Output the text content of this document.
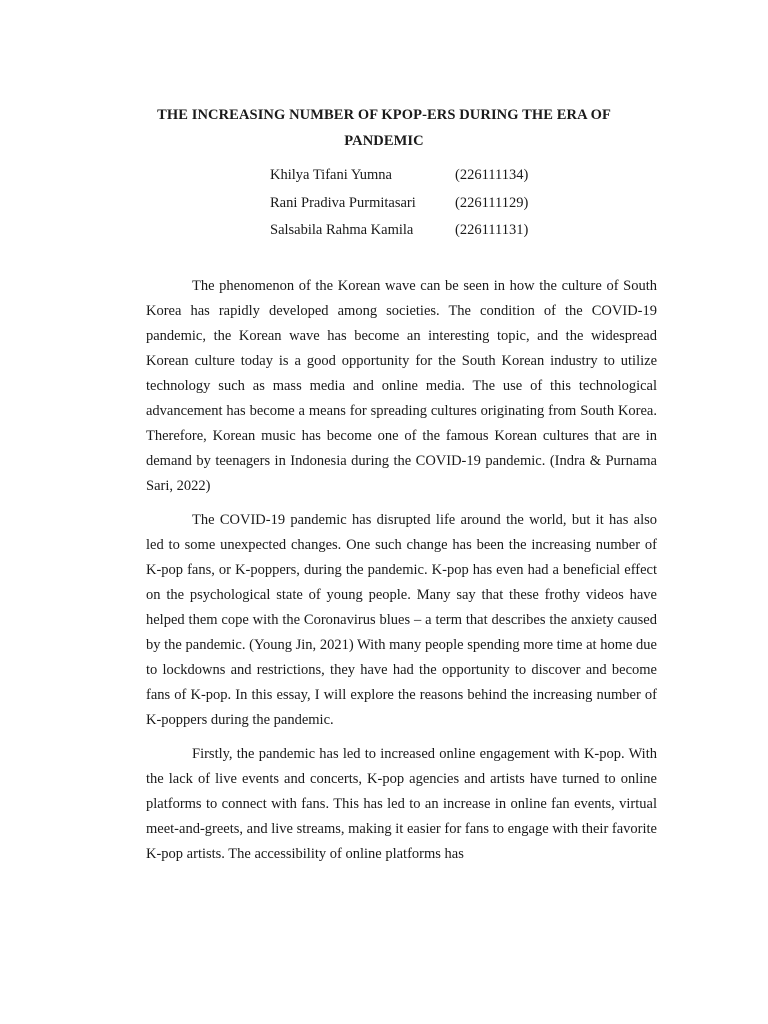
THE INCREASING NUMBER OF KPOP-ERS DURING THE ERA OF
PANDEMIC
Khilya Tifani Yumna	(226111134)
Rani Pradiva Purmitasari	(226111129)
Salsabila Rahma Kamila	(226111131)

The phenomenon of the Korean wave can be seen in how the culture of South Korea has rapidly developed among societies. The condition of the COVID-19 pandemic, the Korean wave has become an interesting topic, and the widespread Korean culture today is a good opportunity for the South Korean industry to utilize technology such as mass media and online media. The use of this technological advancement has become a means for spreading cultures originating from South Korea. Therefore, Korean music has become one of the famous Korean cultures that are in demand by teenagers in Indonesia during the COVID-19 pandemic. (Indra & Purnama Sari, 2022)

The COVID-19 pandemic has disrupted life around the world, but it has also led to some unexpected changes. One such change has been the increasing number of K-pop fans, or K-poppers, during the pandemic. K-pop has even had a beneficial effect on the psychological state of young people. Many say that these frothy videos have helped them cope with the Coronavirus blues – a term that describes the anxiety caused by the pandemic. (Young Jin, 2021) With many people spending more time at home due to lockdowns and restrictions, they have had the opportunity to discover and become fans of K-pop. In this essay, I will explore the reasons behind the increasing number of K-poppers during the pandemic.

Firstly, the pandemic has led to increased online engagement with K-pop. With the lack of live events and concerts, K-pop agencies and artists have turned to online platforms to connect with fans. This has led to an increase in online fan events, virtual meet-and-greets, and live streams, making it easier for fans to engage with their favorite K-pop artists. The accessibility of online platforms has
